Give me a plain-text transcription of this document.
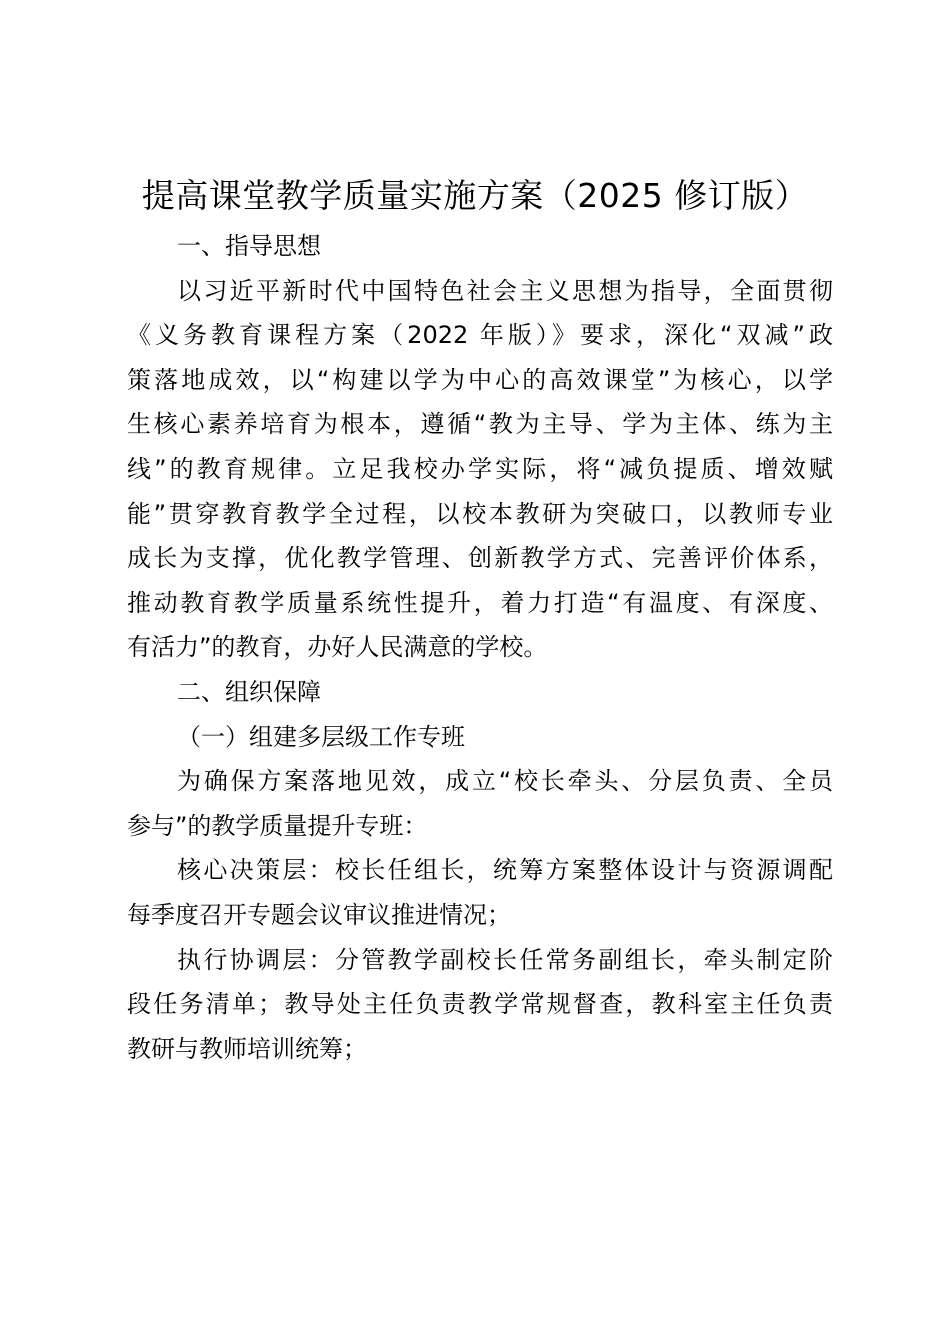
提高课堂教学质量实施方案（2025 修订版）
一、指导思想
以习近平新时代中国特色社会主义思想为指导，全面贯彻
《义务教育课程方案（2022 年版）》要求，深化“双减”政
策落地成效，以“构建以学为中心的高效课堂”为核心，以学
生核心素养培育为根本，遵循“教为主导、学为主体、练为主
线”的教育规律。立足我校办学实际，将“减负提质、增效赋
能”贯穿教育教学全过程，以校本教研为突破口，以教师专业
成长为支撑，优化教学管理、创新教学方式、完善评价体系，
推动教育教学质量系统性提升，着力打造“有温度、有深度、
有活力”的教育，办好人民满意的学校。
二、组织保障
（一）组建多层级工作专班
为确保方案落地见效，成立“校长牵头、分层负责、全员
参与”的教学质量提升专班：
核心决策层：校长任组长，统筹方案整体设计与资源调配
每季度召开专题会议审议推进情况；
执行协调层：分管教学副校长任常务副组长，牵头制定阶
段任务清单；教导处主任负责教学常规督查，教科室主任负责
教研与教师培训统筹；
